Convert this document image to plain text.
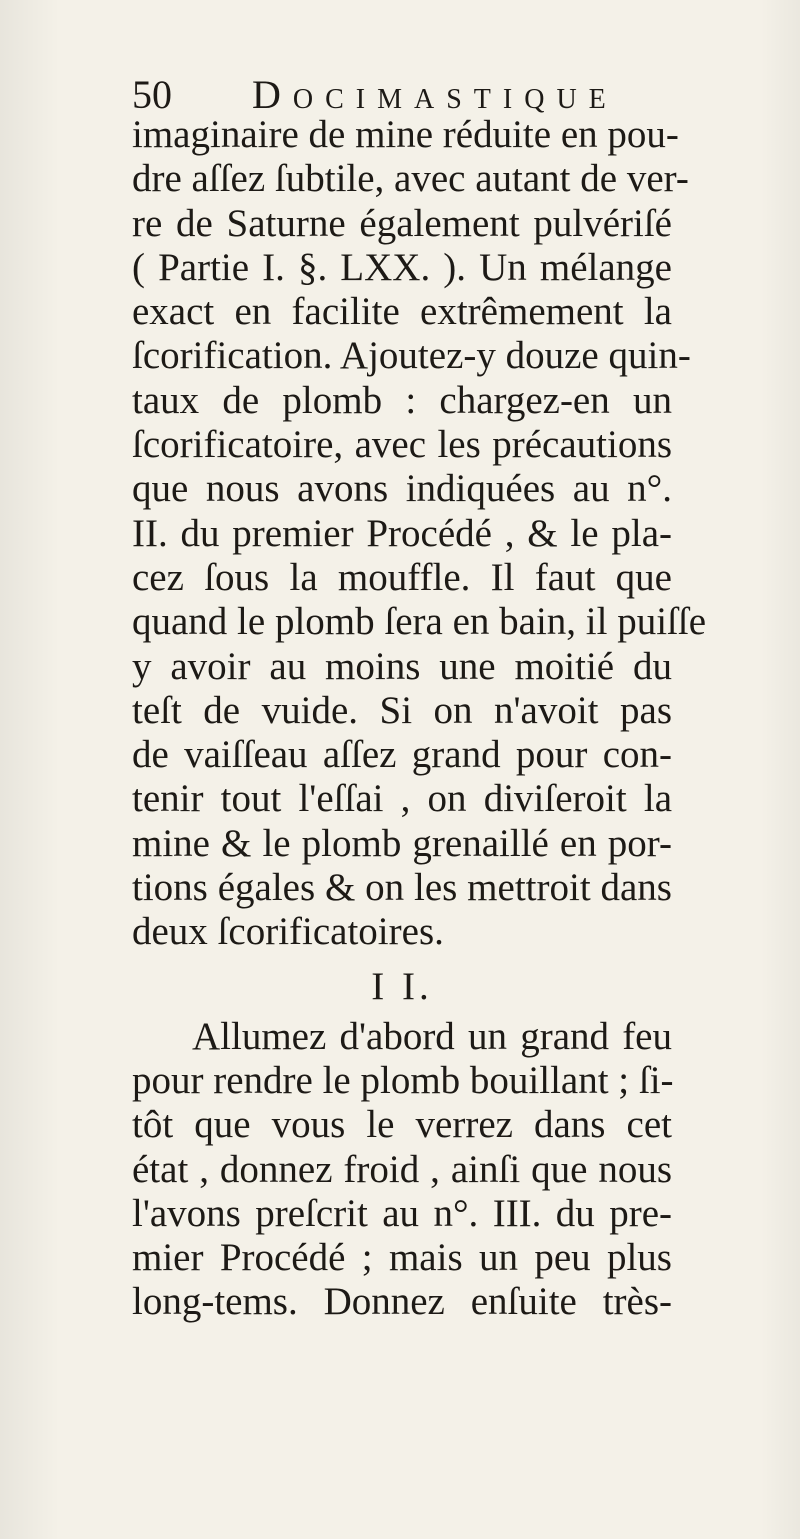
50 Docimastique
imaginaire de mine réduite en pou-
dre aſſez ſubtile, avec autant de ver-
re de Saturne également pulvériſé
( Partie I. §. LXX. ). Un mélange
exact en facilite extrêmement la
ſcorification. Ajoutez-y douze quin-
taux de plomb : chargez-en un
ſcorificatoire, avec les précautions
que nous avons indiquées au n°.
II. du premier Procédé , & le pla-
cez ſous la mouffle. Il faut que
quand le plomb ſera en bain, il puiſſe
y avoir au moins une moitié du
teſt de vuide. Si on n'avoit pas
de vaiſſeau aſſez grand pour con-
tenir tout l'eſſai , on diviſeroit la
mine & le plomb grenaillé en por-
tions égales & on les mettroit dans
deux ſcorificatoires.
I I.
Allumez d'abord un grand feu
pour rendre le plomb bouillant ; ſi-
tôt que vous le verrez dans cet
état , donnez froid , ainſi que nous
l'avons preſcrit au n°. III. du pre-
mier Procédé ; mais un peu plus
long-tems. Donnez enſuite très-
